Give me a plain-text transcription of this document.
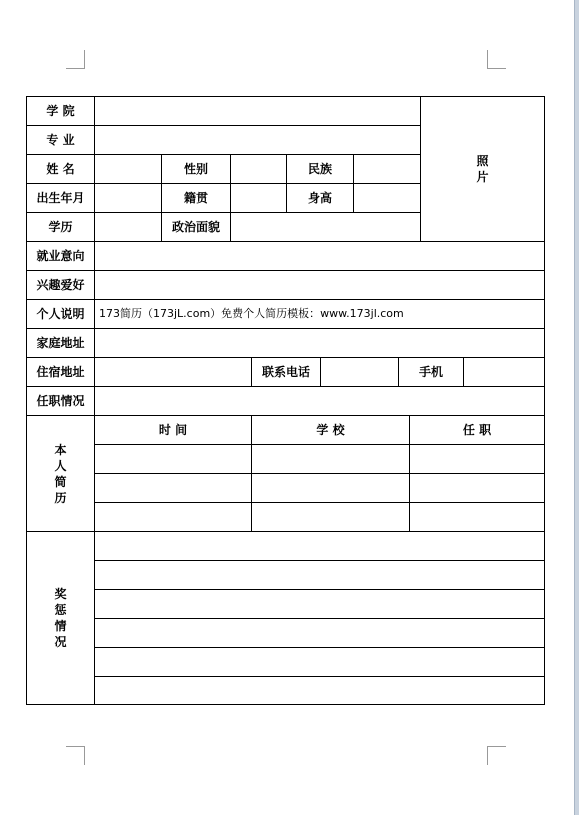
学 院
照
片
专 业
姓 名	性别	民族
出生年月	籍贯	身高
学历	政治面貌
就业意向
兴趣爱好
个人说明	173简历（173jL.com）免费个人简历模板：www.173jl.com
家庭地址
住宿地址	联系电话	手机
任职情况
本
人
简
历
时 间	学 校	任 职
奖
惩
情
况
